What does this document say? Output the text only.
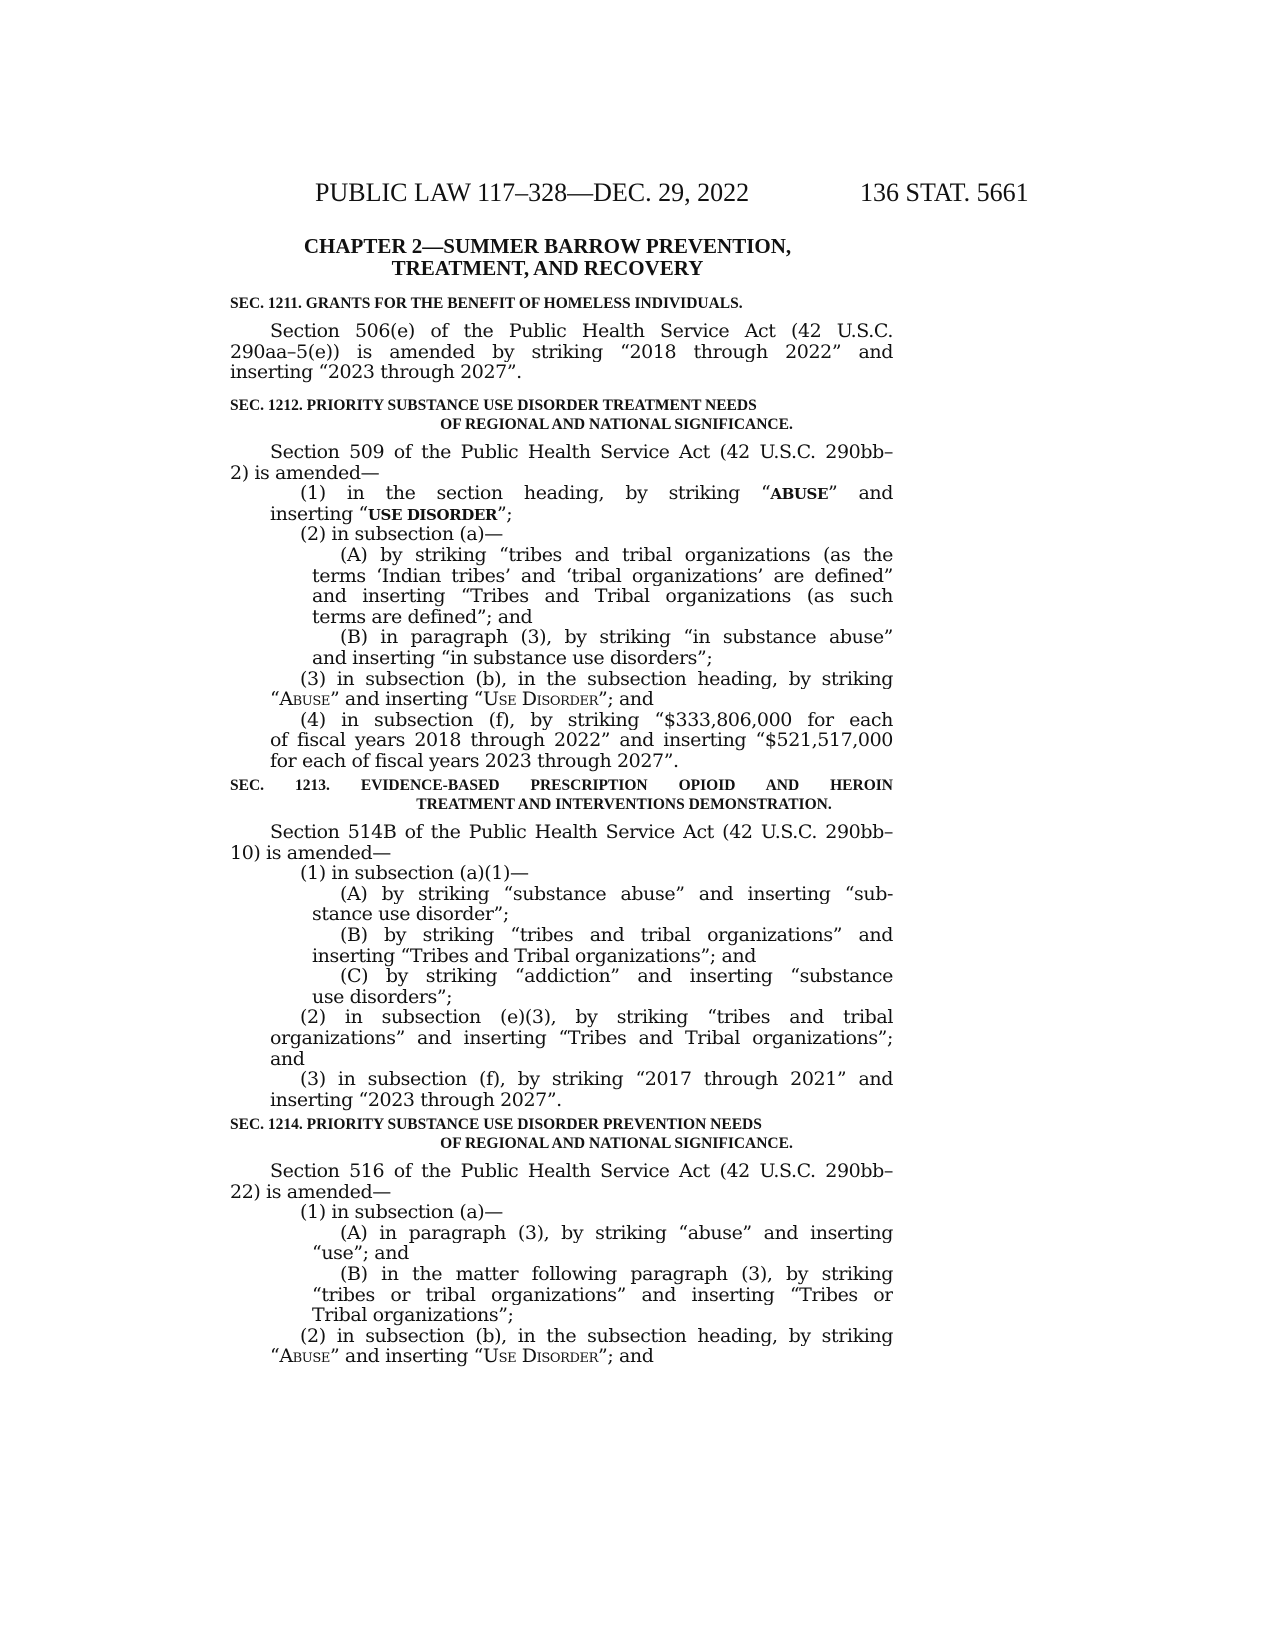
PUBLIC LAW 117–328—DEC. 29, 2022	136 STAT. 5661
CHAPTER 2—SUMMER BARROW PREVENTION,
TREATMENT, AND RECOVERY
SEC. 1211. GRANTS FOR THE BENEFIT OF HOMELESS INDIVIDUALS.
Section 506(e) of the Public Health Service Act (42 U.S.C.
290aa–5(e)) is amended by striking “2018 through 2022” and
inserting “2023 through 2027”.
SEC. 1212. PRIORITY SUBSTANCE USE DISORDER TREATMENT NEEDS
OF REGIONAL AND NATIONAL SIGNIFICANCE.
Section 509 of the Public Health Service Act (42 U.S.C. 290bb–
2) is amended—
(1) in the section heading, by striking “ABUSE” and
inserting “USE DISORDER”;
(2) in subsection (a)—
(A) by striking “tribes and tribal organizations (as the
terms ‘Indian tribes’ and ‘tribal organizations’ are defined”
and inserting “Tribes and Tribal organizations (as such
terms are defined”; and
(B) in paragraph (3), by striking “in substance abuse”
and inserting “in substance use disorders”;
(3) in subsection (b), in the subsection heading, by striking
“Abuse” and inserting “Use Disorder”; and
(4) in subsection (f), by striking “$333,806,000 for each
of fiscal years 2018 through 2022” and inserting “$521,517,000
for each of fiscal years 2023 through 2027”.
SEC. 1213. EVIDENCE-BASED PRESCRIPTION OPIOID AND HEROIN
TREATMENT AND INTERVENTIONS DEMONSTRATION.
Section 514B of the Public Health Service Act (42 U.S.C. 290bb–
10) is amended—
(1) in subsection (a)(1)—
(A) by striking “substance abuse” and inserting “sub-
stance use disorder”;
(B) by striking “tribes and tribal organizations” and
inserting “Tribes and Tribal organizations”; and
(C) by striking “addiction” and inserting “substance
use disorders”;
(2) in subsection (e)(3), by striking “tribes and tribal
organizations” and inserting “Tribes and Tribal organizations”;
and
(3) in subsection (f), by striking “2017 through 2021” and
inserting “2023 through 2027”.
SEC. 1214. PRIORITY SUBSTANCE USE DISORDER PREVENTION NEEDS
OF REGIONAL AND NATIONAL SIGNIFICANCE.
Section 516 of the Public Health Service Act (42 U.S.C. 290bb–
22) is amended—
(1) in subsection (a)—
(A) in paragraph (3), by striking “abuse” and inserting
“use”; and
(B) in the matter following paragraph (3), by striking
“tribes or tribal organizations” and inserting “Tribes or
Tribal organizations”;
(2) in subsection (b), in the subsection heading, by striking
“Abuse” and inserting “Use Disorder”; and
